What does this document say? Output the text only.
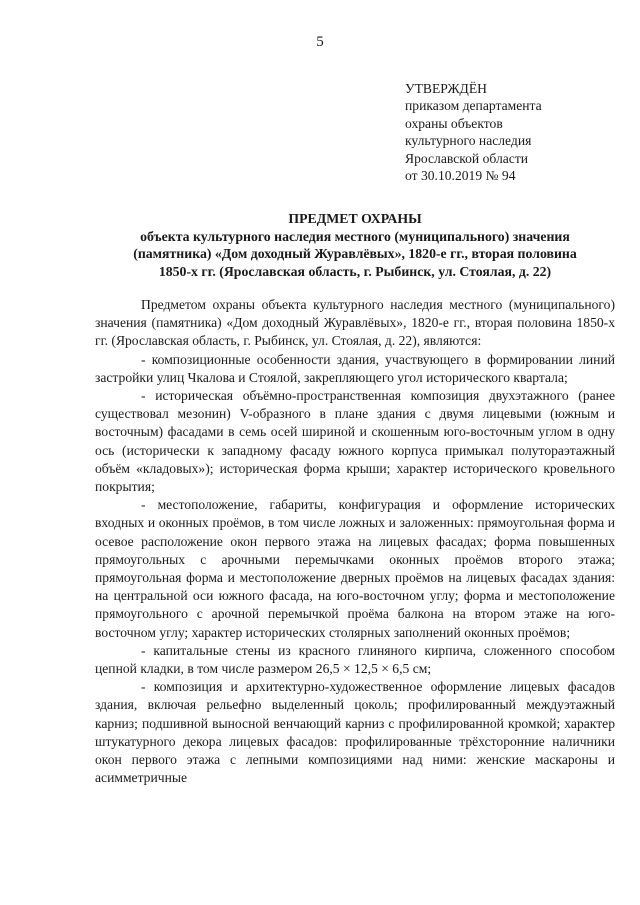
5
УТВЕРЖДЁН
приказом департамента
охраны объектов
культурного наследия
Ярославской области
от 30.10.2019 № 94
ПРЕДМЕТ ОХРАНЫ
объекта культурного наследия местного (муниципального) значения
(памятника) «Дом доходный Журавлёвых», 1820-е гг., вторая половина
1850-х гг. (Ярославская область, г. Рыбинск, ул. Стоялая, д. 22)

Предметом охраны объекта культурного наследия местного (муниципального) значения (памятника) «Дом доходный Журавлёвых», 1820-е гг., вторая половина 1850-х гг. (Ярославская область, г. Рыбинск, ул. Стоялая, д. 22), являются:

- композиционные особенности здания, участвующего в формировании линий застройки улиц Чкалова и Стоялой, закрепляющего угол исторического квартала;

- историческая объёмно-пространственная композиция двухэтажного (ранее существовал мезонин) V-образного в плане здания с двумя лицевыми (южным и восточным) фасадами в семь осей шириной и скошенным юго-восточным углом в одну ось (исторически к западному фасаду южного корпуса примыкал полутораэтажный объём «кладовых»); историческая форма крыши; характер исторического кровельного покрытия;

- местоположение, габариты, конфигурация и оформление исторических входных и оконных проёмов, в том числе ложных и заложенных: прямоугольная форма и осевое расположение окон первого этажа на лицевых фасадах; форма повышенных прямоугольных с арочными перемычками оконных проёмов второго этажа; прямоугольная форма и местоположение дверных проёмов на лицевых фасадах здания: на центральной оси южного фасада, на юго-восточном углу; форма и местоположение прямоугольного с арочной перемычкой проёма балкона на втором этаже на юго-восточном углу; характер исторических столярных заполнений оконных проёмов;

- капитальные стены из красного глиняного кирпича, сложенного способом цепной кладки, в том числе размером 26,5 × 12,5 × 6,5 см;

- композиция и архитектурно-художественное оформление лицевых фасадов здания, включая рельефно выделенный цоколь; профилированный междуэтажный карниз; подшивной выносной венчающий карниз с профилированной кромкой; характер штукатурного декора лицевых фасадов: профилированные трёхсторонние наличники окон первого этажа с лепными композициями над ними: женские маскароны и асимметричные
